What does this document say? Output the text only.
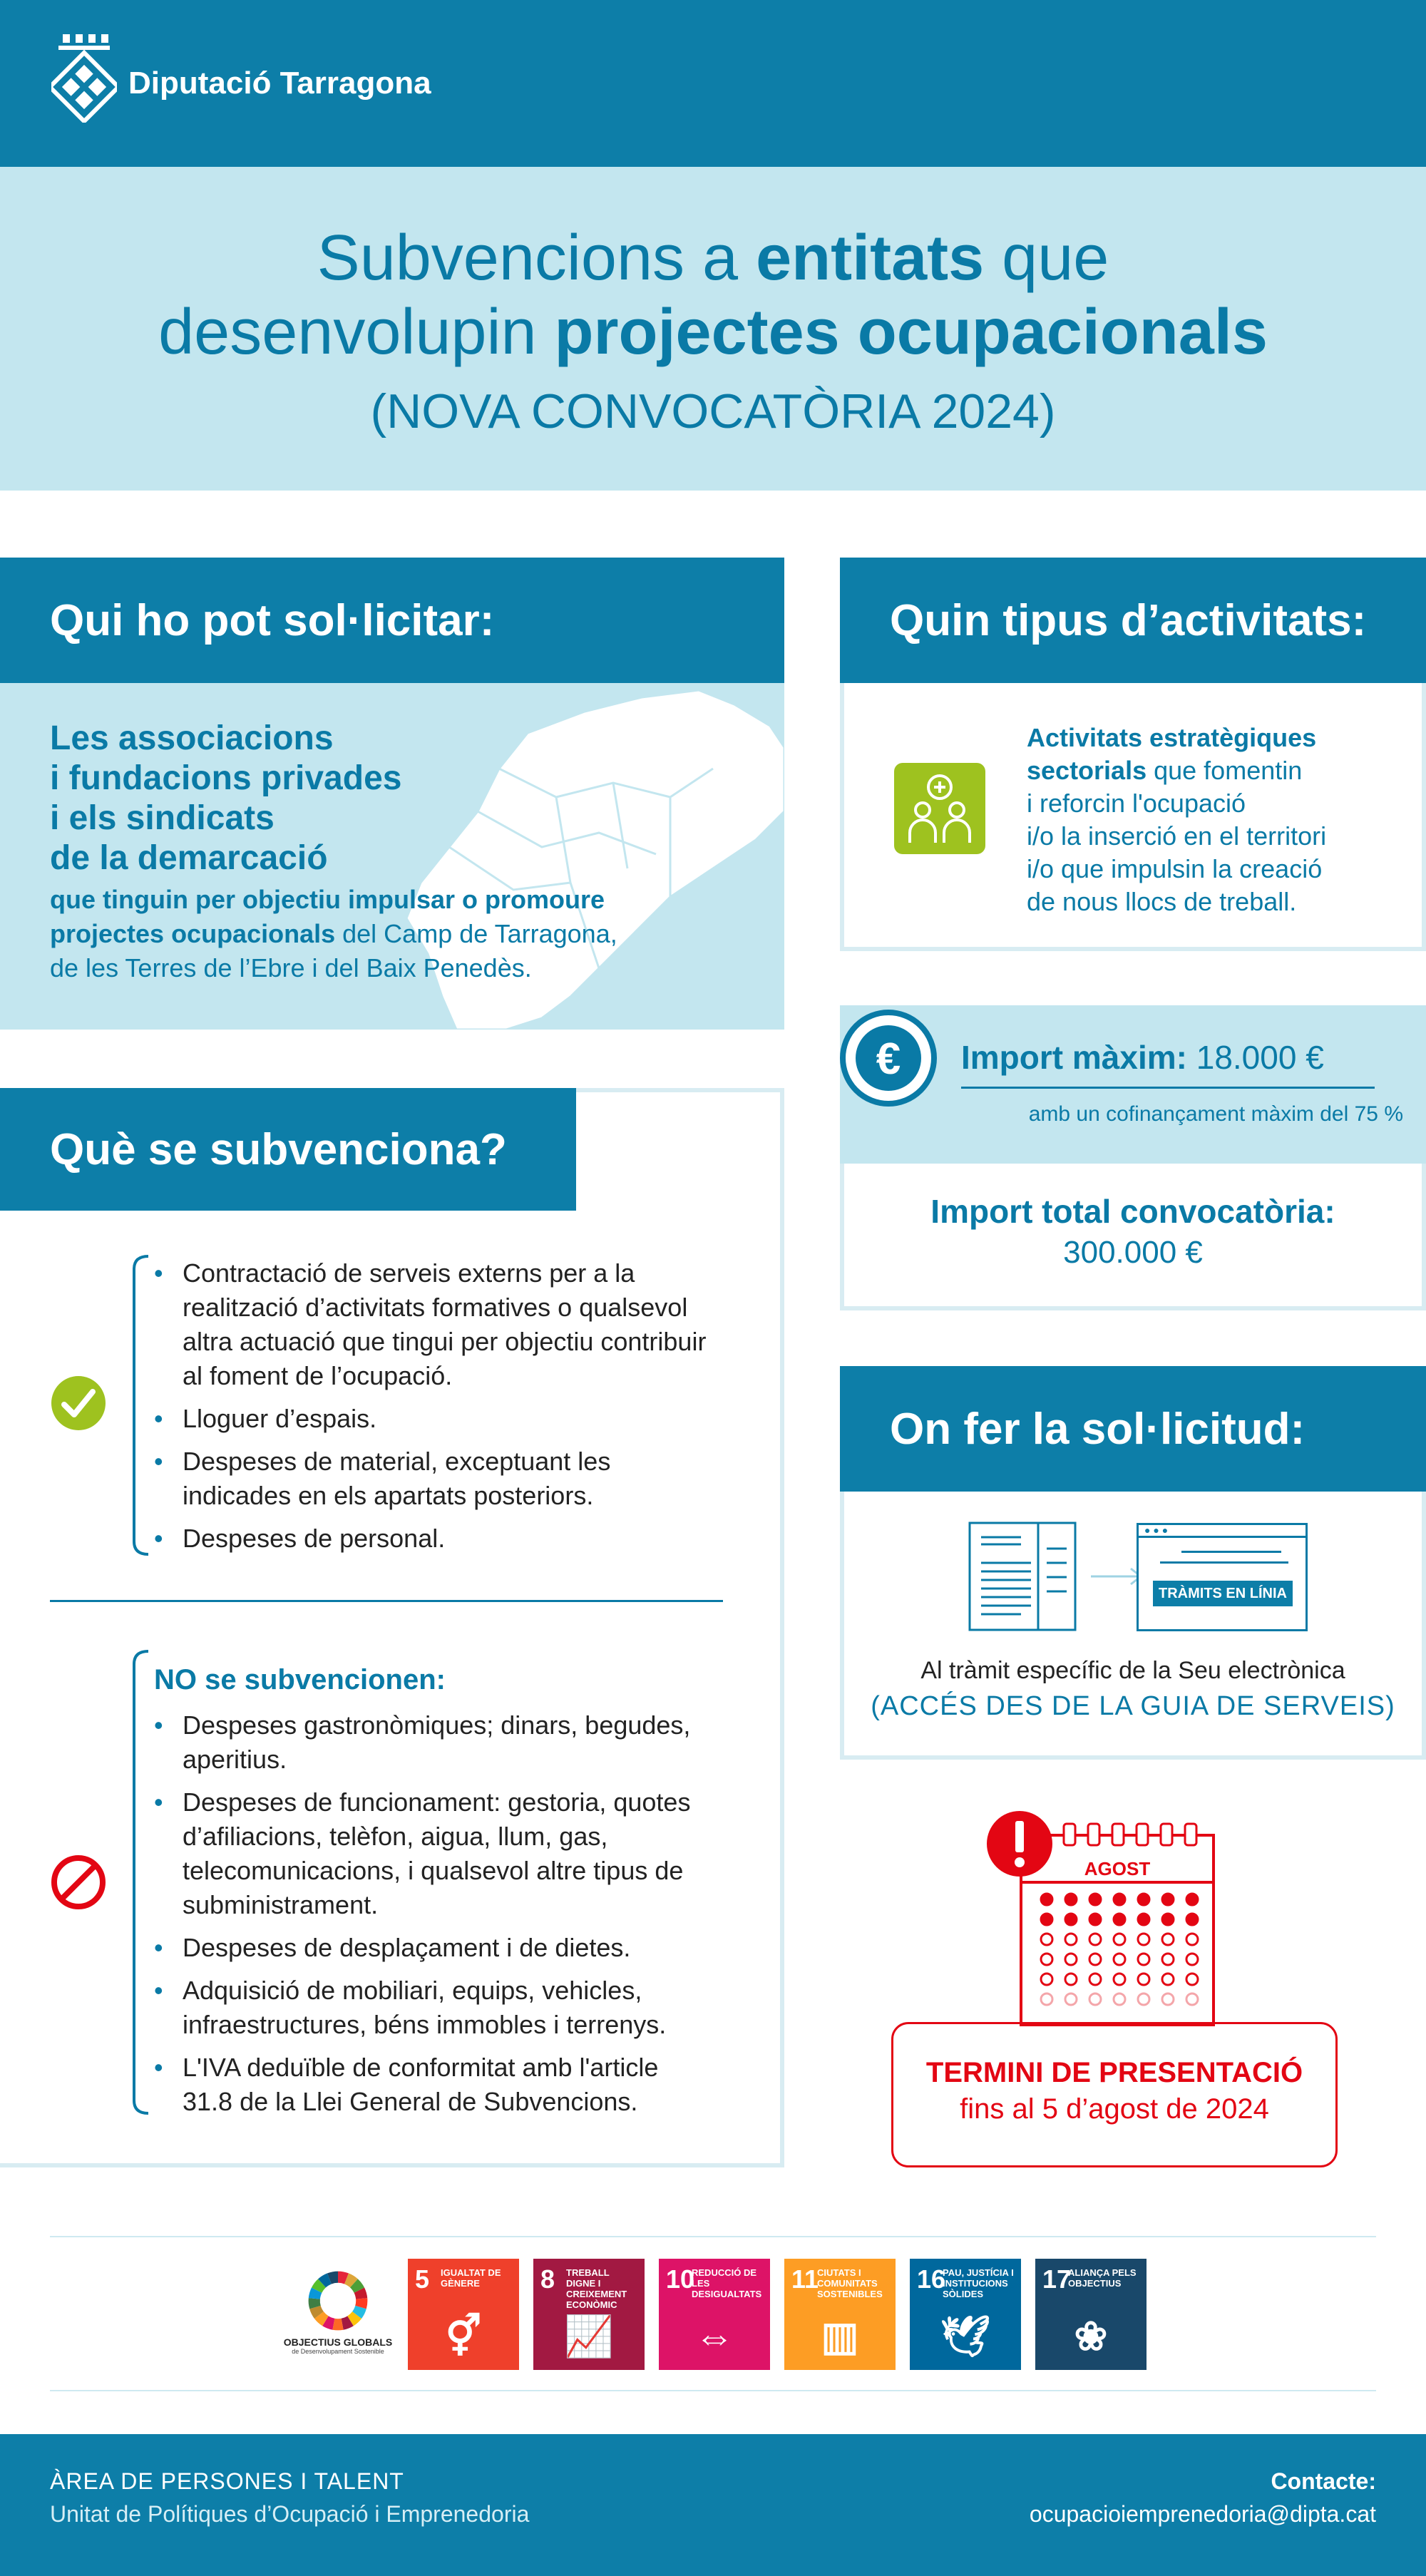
Diputació Tarragona
Subvencions a entitats que
desenvolupin projectes ocupacionals
(NOVA CONVOCATÒRIA 2024)
Qui ho pot sol·licitar:
Les associacions
i fundacions privades
i els sindicats
de la demarcació
que tinguin per objectiu impulsar o promoure
projectes ocupacionals del Camp de Tarragona,
de les Terres de l’Ebre i del Baix Penedès.
Quin tipus d’activitats:
Activitats estratègiques
sectorials que fomentin
i reforcin l'ocupació
i/o la inserció en el territori
i/o que impulsin la creació
de nous llocs de treball.
€ Import màxim: 18.000 €
amb un cofinançament màxim del 75 %
Import total convocatòria:
300.000 €
Què se subvenciona?
• Contractació de serveis externs per a la realització d’activitats formatives o qualsevol altra actuació que tingui per objectiu contribuir al foment de l’ocupació.
• Lloguer d’espais.
• Despeses de material, exceptuant les indicades en els apartats posteriors.
• Despeses de personal.
NO se subvencionen:
• Despeses gastronòmiques; dinars, begudes, aperitius.
• Despeses de funcionament: gestoria, quotes d’afiliacions, telèfon, aigua, llum, gas, telecomunicacions, i qualsevol altre tipus de subministrament.
• Despeses de desplaçament i de dietes.
• Adquisició de mobiliari, equips, vehicles, infraestructures, béns immobles i terrenys.
• L'IVA deduïble de conformitat amb l'article 31.8 de la Llei General de Subvencions.
On fer la sol·licitud:
● ● ●
TRÀMITS EN LÍNIA
Al tràmit específic de la Seu electrònica
(ACCÉS DES DE LA GUIA DE SERVEIS)
AGOST
TERMINI DE PRESENTACIÓ
fins al 5 d’agost de 2024
OBJECTIUS GLOBALS
de Desenvolupament Sostenible
5 IGUALTAT DE GÈNERE
⚥
8 TREBALL DIGNE I CREIXEMENT ECONÒMIC
📈
10
REDUCCIÓ DE LES DESIGUALTATS
⇔
11
CIUTATS I COMUNITATS SOSTENIBLES
▥
16
PAU, JUSTÍCIA I INSTITUCIONS SÒLIDES
🕊
17
ALIANÇA PELS OBJECTIUS
❀
ÀREA DE PERSONES I TALENT
Unitat de Polítiques d’Ocupació i Emprenedoria
Contacte:
ocupacioiemprenedoria@dipta.cat
